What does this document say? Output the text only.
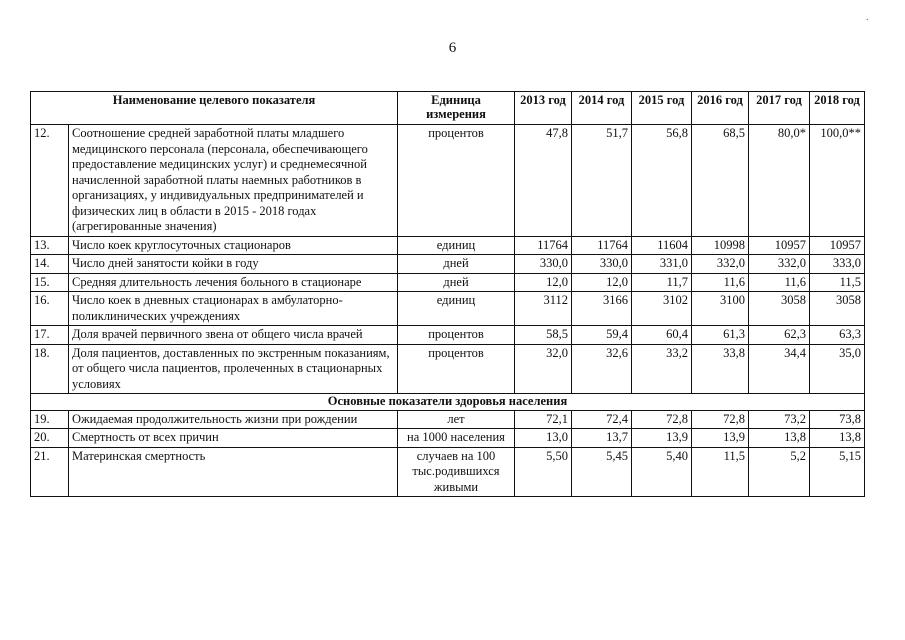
6
'
.
Наименование целевого показателя		Единица измерения	2013 год	2014 год	2015 год	2016 год	2017 год	2018 год
12.	Соотношение средней заработной платы младшего медицинского персонала (персонала, обеспечивающего предоставление медицинских услуг) и среднемесячной начисленной заработной платы наемных работников в организациях, у индивидуальных предпринимателей и физических лиц в области в 2015 - 2018 годах (агрегированные значения)	процентов	47,8	51,7	56,8	68,5	80,0*	100,0**
13.	Число коек круглосуточных стационаров	единиц	11764	11764	11604	10998	10957	10957
14.	Число дней занятости койки в году	дней	330,0	330,0	331,0	332,0	332,0	333,0
15.	Средняя длительность лечения больного в стационаре	дней	12,0	12,0	11,7	11,6	11,6	11,5
16.	Число коек в дневных стационарах в амбулаторно-поликлинических учреждениях	единиц	3112	3166	3102	3100	3058	3058
17.	Доля врачей первичного звена от общего числа врачей	процентов	58,5	59,4	60,4	61,3	62,3	63,3
18.	Доля пациентов, доставленных по экстренным показаниям, от общего числа пациентов, пролеченных в стационарных условиях	процентов	32,0	32,6	33,2	33,8	34,4	35,0
Основные показатели здоровья населения								
19.	Ожидаемая продолжительность жизни при рождении	лет	72,1	72,4	72,8	72,8	73,2	73,8
20.	Смертность от всех причин	на 1000 населения	13,0	13,7	13,9	13,9	13,8	13,8
21.	Материнская смертность	случаев на 100 тыс.родившихся живыми	5,50	5,45	5,40	11,5	5,2	5,15
